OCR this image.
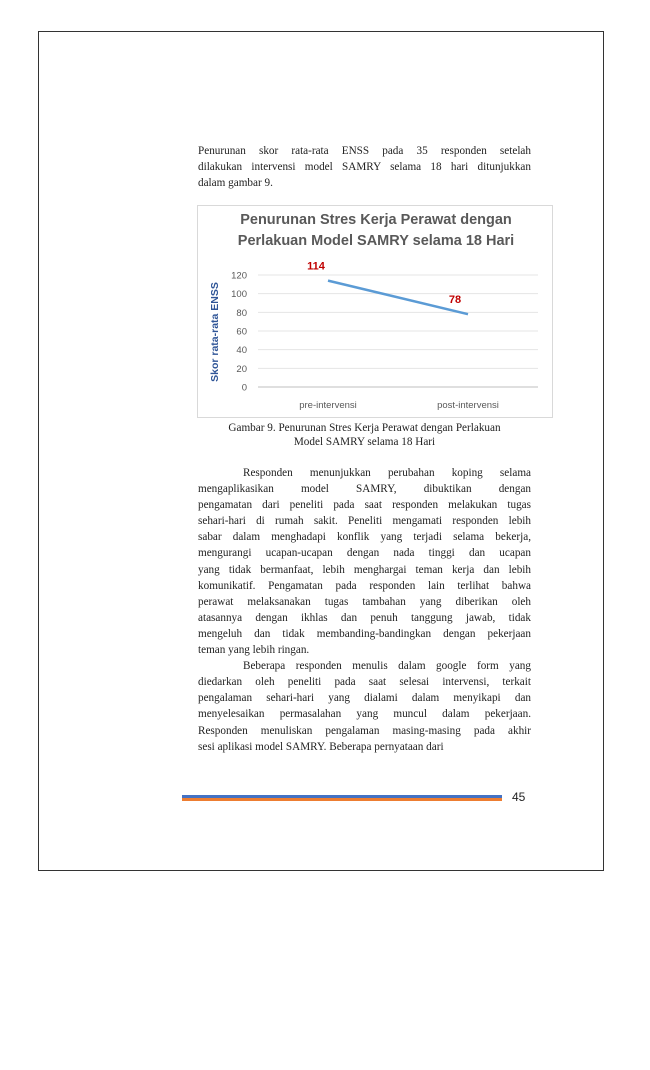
Penurunan skor rata-rata ENSS pada 35 responden setelah
dilakukan intervensi model SAMRY selama 18 hari ditunjukkan
dalam gambar 9.
Penurunan Stres Kerja Perawat dengan
Perlakuan Model SAMRY selama 18 Hari
Skor rata-rata ENSS
0
20
40
60
80
100
120
pre-intervensi	post-intervensi
114
78
Gambar 9. Penurunan Stres Kerja Perawat dengan Perlakuan
Model SAMRY selama 18 Hari
Responden menunjukkan perubahan koping selama
mengaplikasikan model SAMRY, dibuktikan dengan
pengamatan dari peneliti pada saat responden melakukan tugas
sehari-hari di rumah sakit. Peneliti mengamati responden lebih
sabar dalam menghadapi konflik yang terjadi selama bekerja,
mengurangi ucapan-ucapan dengan nada tinggi dan ucapan
yang tidak bermanfaat, lebih menghargai teman kerja dan lebih
komunikatif. Pengamatan pada responden lain terlihat bahwa
perawat melaksanakan tugas tambahan yang diberikan oleh
atasannya dengan ikhlas dan penuh tanggung jawab, tidak
mengeluh dan tidak membanding-bandingkan dengan pekerjaan
teman yang lebih ringan.
Beberapa responden menulis dalam google form yang
diedarkan oleh peneliti pada saat selesai intervensi, terkait
pengalaman sehari-hari yang dialami dalam menyikapi dan
menyelesaikan permasalahan yang muncul dalam pekerjaan.
Responden menuliskan pengalaman masing-masing pada akhir
sesi aplikasi model SAMRY. Beberapa pernyataan dari
45
